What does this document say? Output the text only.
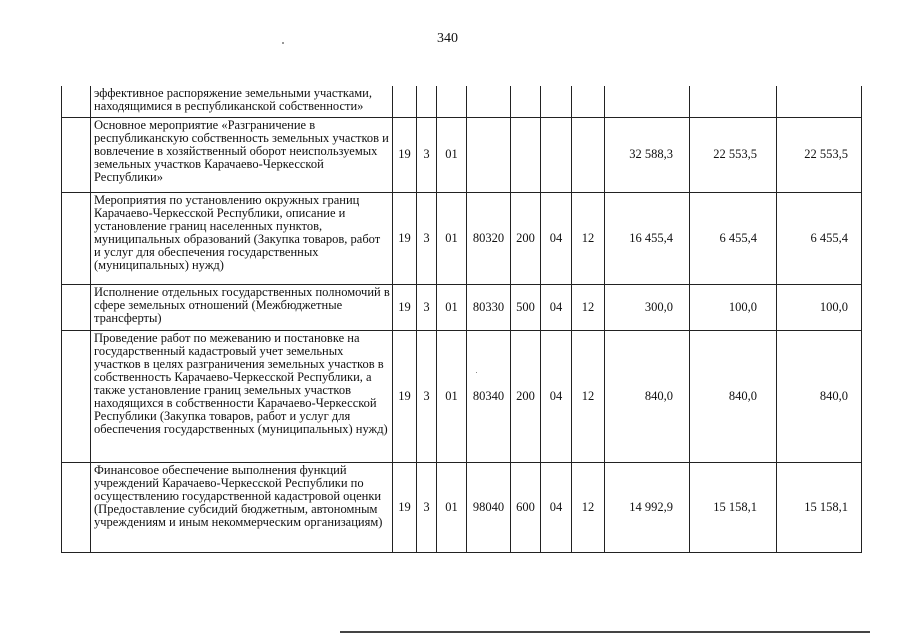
340
	эффективное распоряжение земельными участками, находящимися в республиканской собственности»										
	Основное мероприятие «Разграничение в республиканскую собственность земельных участков и вовлечение в хозяйственный оборот неиспользуемых земельных участков Карачаево-Черкесской Республики»	19	3	01					32 588,3	22 553,5	22 553,5
	Мероприятия по установлению окружных границ Карачаево-Черкесской Республики, описание и установление границ населенных пунктов, муниципальных образований (Закупка товаров, работ и услуг для обеспечения государственных (муниципальных) нужд)	19	3	01	80320	200	04	12	16 455,4	6 455,4	6 455,4
	Исполнение отдельных государственных полномочий в сфере земельных отношений (Межбюджетные трансферты)	19	3	01	80330	500	04	12	300,0	100,0	100,0
	Проведение работ по межеванию и постановке на государственный кадастровый учет земельных участков в целях разграничения земельных участков в собственность Карачаево-Черкесской Республики, а также установление границ земельных участков находящихся в собственности Карачаево-Черкесской Республики (Закупка товаров, работ и услуг для обеспечения государственных (муниципальных) нужд)	19	3	01	80340	200	04	12	840,0	840,0	840,0
	Финансовое обеспечение выполнения функций учреждений Карачаево-Черкесской Республики по осуществлению государственной кадастровой оценки (Предоставление субсидий бюджетным, автономным учреждениям и иным некоммерческим организациям)	19	3	01	98040	600	04	12	14 992,9	15 158,1	15 158,1
